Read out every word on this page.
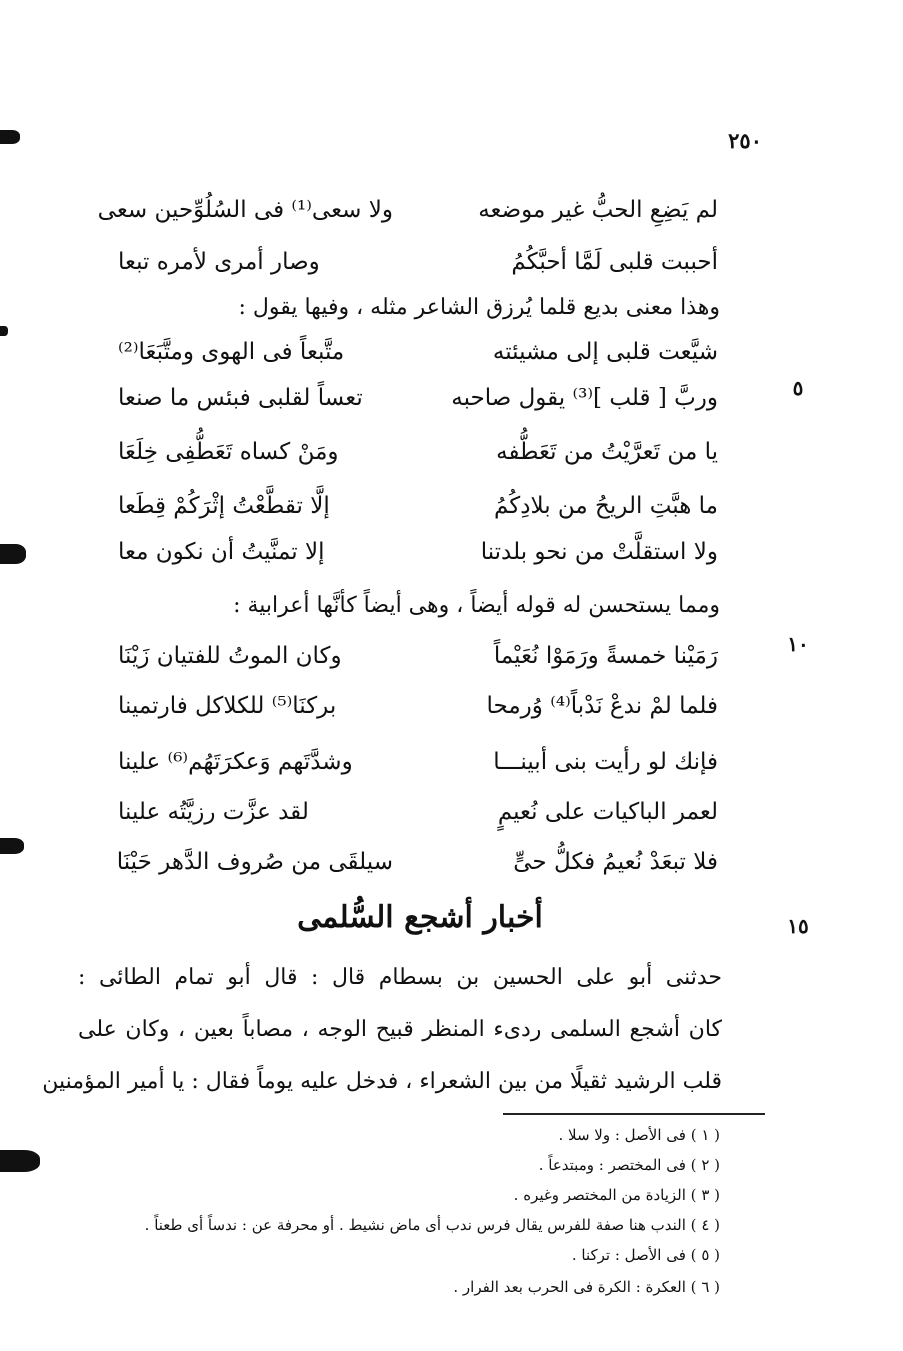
٢٥٠
٥
١٠
١٥
لم يَضِعِ الحبُّ غير موضعه
ولا سعى⁽¹⁾ فى السُلُوِّحين سعى
أحببت قلبى لَمَّا أحبَّكُمُ
وصار أمرى لأمره تبعا
وهذا معنى بديع قلما يُرزق الشاعر مثله ، وفيها يقول :
شيَّعت قلبى إلى مشيئته
متَّبعاً فى الهوى ومتَّبَعَا⁽²⁾
وربَّ [ قلب ]⁽³⁾ يقول صاحبه
تعساً لقلبى فبئس ما صنعا
يا من تَعرَّيْتُ من تَعَطُّفه
ومَنْ كساه تَعَطُّفِى خِلَعَا
ما هبَّتِ الريحُ من بلادِكُمُ
إلَّا تقطَّعْتُ إثْرَكُمْ قِطَعا
ولا استقلَّتْ من نحو بلدتنا
إلا تمنَّيتُ أن نكون معا
ومما يستحسن له قوله أيضاً ، وهى أيضاً كأنَّها أعرابية :
رَمَيْنا خمسةً ورَمَوْا نُعَيْماً
وكان الموتُ للفتيان زَيْنَا
فلما لمْ ندعْ نَدْباً⁽⁴⁾ وُرمحا
بركنَا⁽⁵⁾ للكلاكل فارتمينا
فإنك لو رأيت بنى أبينـــا
وشدَّتَهم وَعكرَتَهُم⁽⁶⁾ علينا
لعمر الباكيات على نُعيمٍ
لقد عزَّت رزيَّتُه علينا
فلا تبعَدْ نُعيمُ فكلُّ حىٍّ
سيلقَى من صُروف الدَّهر حَيْنَا
أخبار أشجع السُّلمى
حدثنى أبو على الحسين بن بسطام قال : قال أبو تمام الطائى :
كان أشجع السلمى ردىء المنظر قبيح الوجه ، مصاباً بعين ، وكان على
قلب الرشيد ثقيلًا من بين الشعراء ، فدخل عليه يوماً فقال : يا أمير المؤمنين
( ١ ) فى الأصل : ولا سلا .
( ٢ ) فى المختصر : ومبتدعاً .
( ٣ ) الزيادة من المختصر وغيره .
( ٤ ) الندب هنا صفة للفرس يقال فرس ندب أى ماض نشيط . أو محرفة عن : ندساً أى طعناً .
( ٥ ) فى الأصل : تركنا .
( ٦ ) العكرة : الكرة فى الحرب بعد الفرار .
